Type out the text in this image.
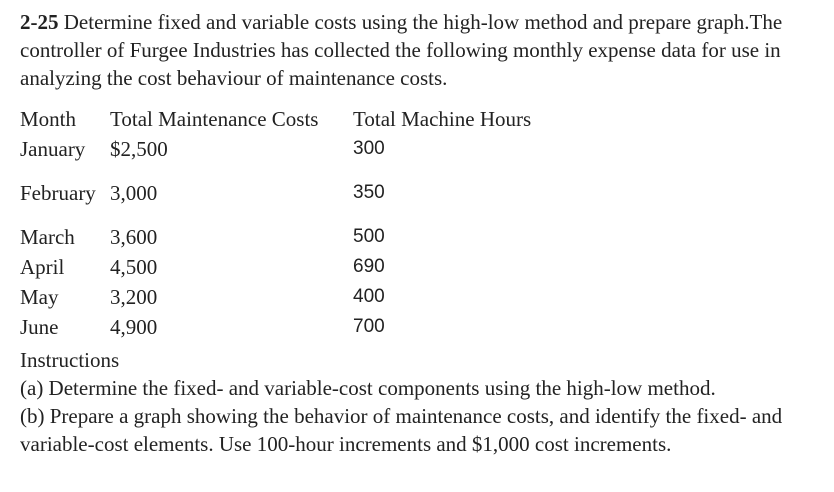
2-25 Determine fixed and variable costs using the high-low method and prepare graph.The controller of Furgee Industries has collected the following monthly expense data for use in analyzing the cost behaviour of maintenance costs.
Month	Total Maintenance Costs	Total Machine Hours
January	$2,500	300
February	3,000	350
March	3,600	500
April	4,500	690
May	3,200	400
June	4,900	700

Instructions

(a) Determine the fixed- and variable-cost components using the high-low method.

(b) Prepare a graph showing the behavior of maintenance costs, and identify the fixed- and variable-cost elements. Use 100-hour increments and $1,000 cost increments.
